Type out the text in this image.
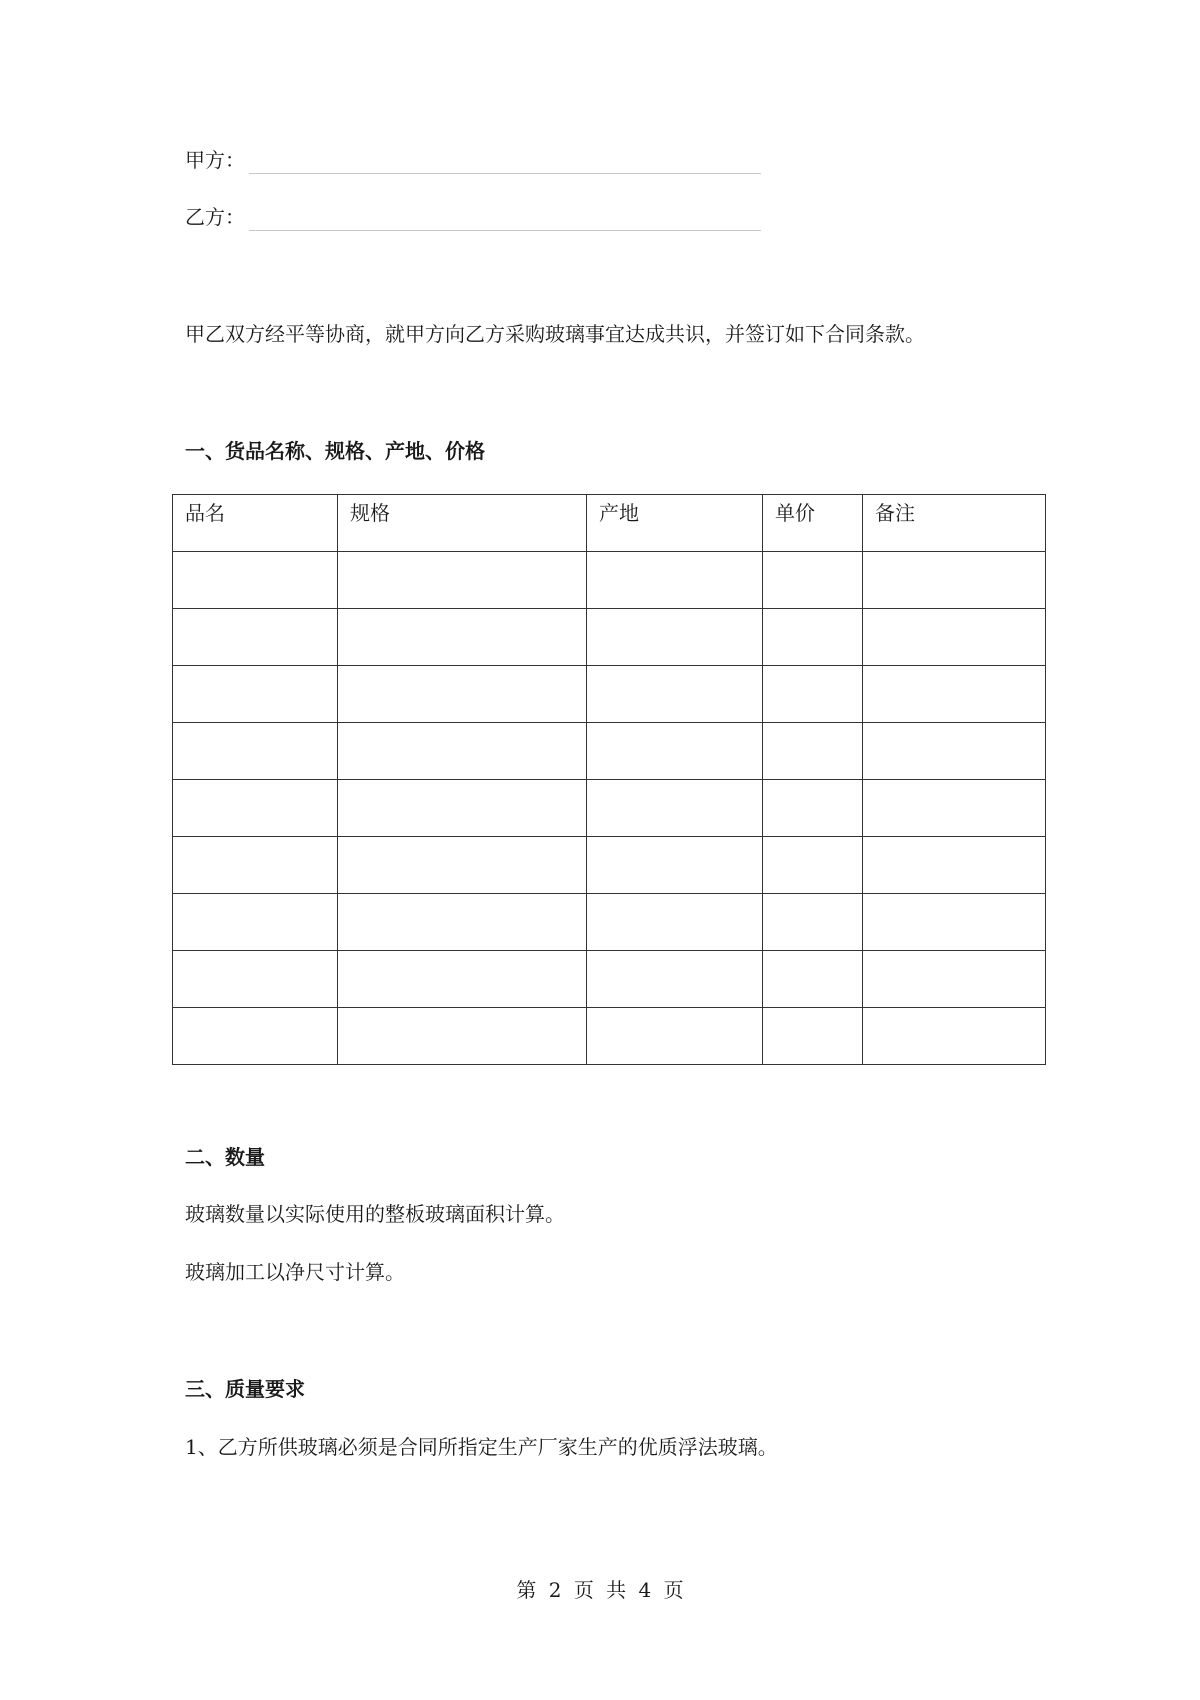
甲方：
乙方：
甲乙双方经平等协商，就甲方向乙方采购玻璃事宜达成共识，并签订如下合同条款。
一、货品名称、规格、产地、价格
品名	规格	产地	单价	备注

二、数量
玻璃数量以实际使用的整板玻璃面积计算。
玻璃加工以净尺寸计算。
三、质量要求
1、乙方所供玻璃必须是合同所指定生产厂家生产的优质浮法玻璃。
第 2 页 共 4 页
